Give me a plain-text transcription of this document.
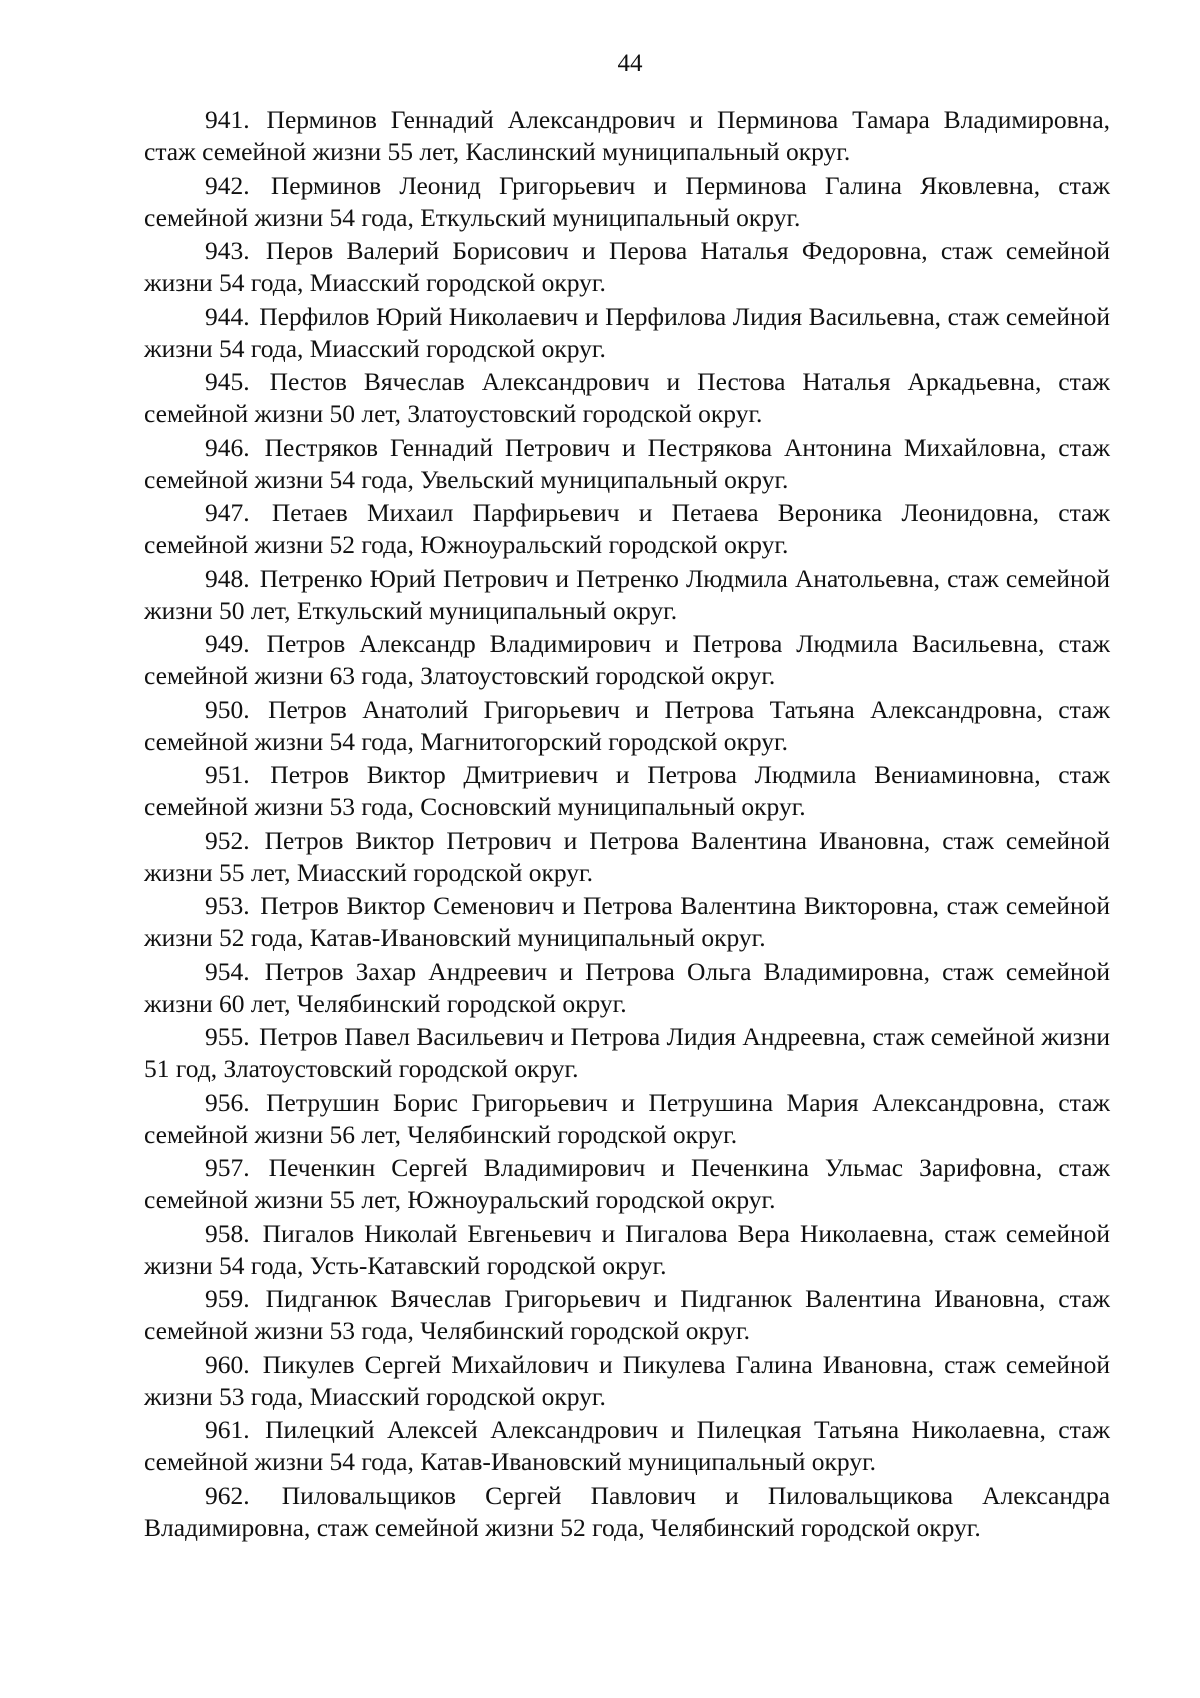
44

941. Перминов Геннадий Александрович и Перминова Тамара Владимировна, стаж семейной жизни 55 лет, Каслинский муниципальный округ.

942. Перминов Леонид Григорьевич и Перминова Галина Яковлевна, стаж семейной жизни 54 года, Еткульский муниципальный округ.

943. Перов Валерий Борисович и Перова Наталья Федоровна, стаж семейной жизни 54 года, Миасский городской округ.

944. Перфилов Юрий Николаевич и Перфилова Лидия Васильевна, стаж семейной жизни 54 года, Миасский городской округ.

945. Пестов Вячеслав Александрович и Пестова Наталья Аркадьевна, стаж семейной жизни 50 лет, Златоустовский городской округ.

946. Пестряков Геннадий Петрович и Пестрякова Антонина Михайловна, стаж семейной жизни 54 года, Увельский муниципальный округ.

947. Петаев Михаил Парфирьевич и Петаева Вероника Леонидовна, стаж семейной жизни 52 года, Южноуральский городской округ.

948. Петренко Юрий Петрович и Петренко Людмила Анатольевна, стаж семейной жизни 50 лет, Еткульский муниципальный округ.

949. Петров Александр Владимирович и Петрова Людмила Васильевна, стаж семейной жизни 63 года, Златоустовский городской округ.

950. Петров Анатолий Григорьевич и Петрова Татьяна Александровна, стаж семейной жизни 54 года, Магнитогорский городской округ.

951. Петров Виктор Дмитриевич и Петрова Людмила Вениаминовна, стаж семейной жизни 53 года, Сосновский муниципальный округ.

952. Петров Виктор Петрович и Петрова Валентина Ивановна, стаж семейной жизни 55 лет, Миасский городской округ.

953. Петров Виктор Семенович и Петрова Валентина Викторовна, стаж семейной жизни 52 года, Катав-Ивановский муниципальный округ.

954. Петров Захар Андреевич и Петрова Ольга Владимировна, стаж семейной жизни 60 лет, Челябинский городской округ.

955. Петров Павел Васильевич и Петрова Лидия Андреевна, стаж семейной жизни 51 год, Златоустовский городской округ.

956. Петрушин Борис Григорьевич и Петрушина Мария Александровна, стаж семейной жизни 56 лет, Челябинский городской округ.

957. Печенкин Сергей Владимирович и Печенкина Ульмас Зарифовна, стаж семейной жизни 55 лет, Южноуральский городской округ.

958. Пигалов Николай Евгеньевич и Пигалова Вера Николаевна, стаж семейной жизни 54 года, Усть-Катавский городской округ.

959. Пидганюк Вячеслав Григорьевич и Пидганюк Валентина Ивановна, стаж семейной жизни 53 года, Челябинский городской округ.

960. Пикулев Сергей Михайлович и Пикулева Галина Ивановна, стаж семейной жизни 53 года, Миасский городской округ.

961. Пилецкий Алексей Александрович и Пилецкая Татьяна Николаевна, стаж семейной жизни 54 года, Катав-Ивановский муниципальный округ.

962. Пиловальщиков Сергей Павлович и Пиловальщикова Александра Владимировна, стаж семейной жизни 52 года, Челябинский городской округ.
